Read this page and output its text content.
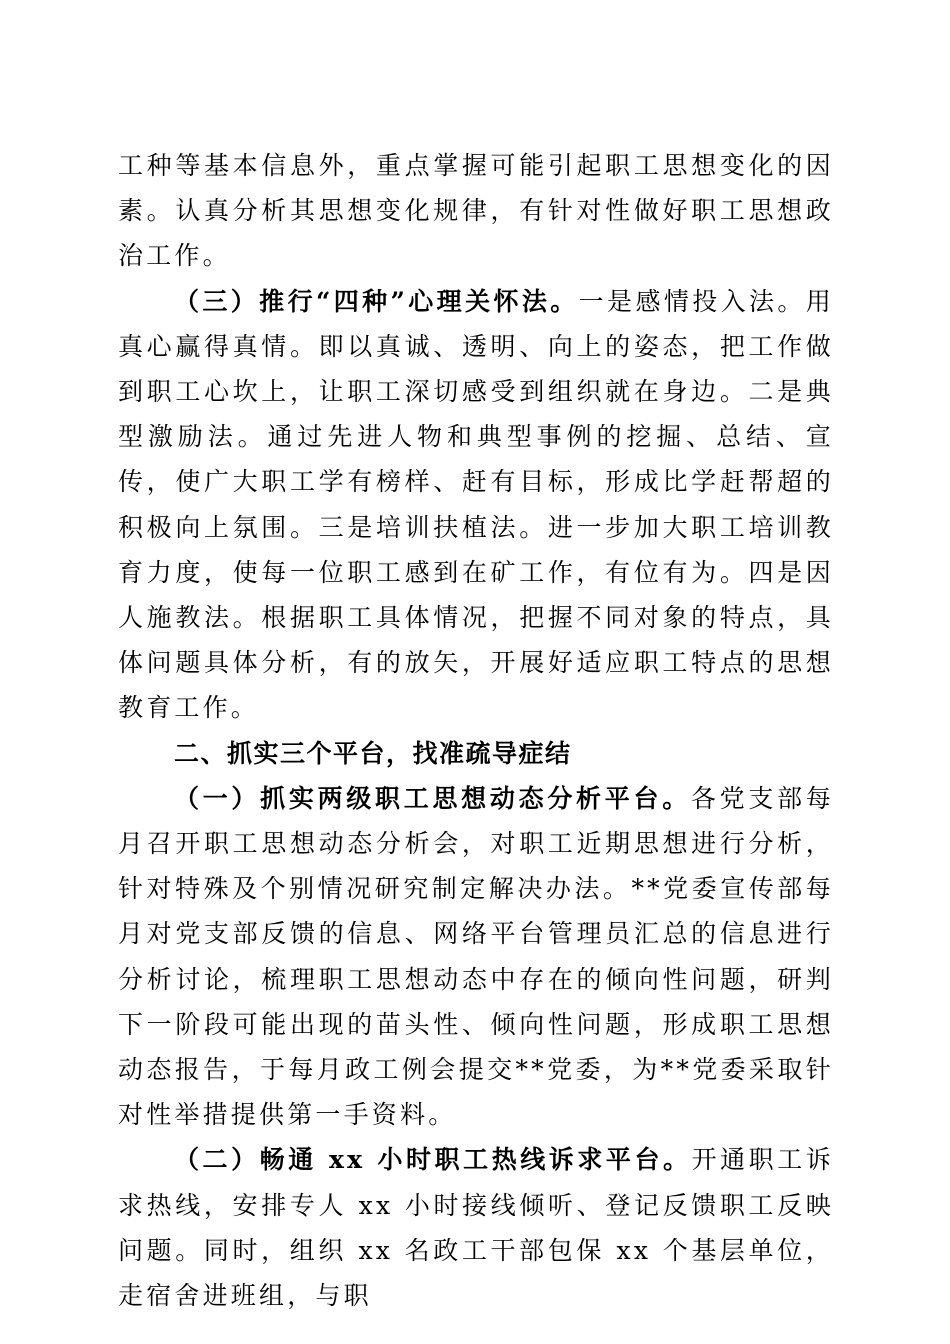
工种等基本信息外，重点掌握可能引起职工思想变化的因素。认真分析其思想变化规律，有针对性做好职工思想政治工作。

（三）推行“四种”心理关怀法。一是感情投入法。用真心赢得真情。即以真诚、透明、向上的姿态，把工作做到职工心坎上，让职工深切感受到组织就在身边。二是典型激励法。通过先进人物和典型事例的挖掘、总结、宣传，使广大职工学有榜样、赶有目标，形成比学赶帮超的积极向上氛围。三是培训扶植法。进一步加大职工培训教育力度，使每一位职工感到在矿工作，有位有为。四是因人施教法。根据职工具体情况，把握不同对象的特点，具体问题具体分析，有的放矢，开展好适应职工特点的思想教育工作。

二、抓实三个平台，找准疏导症结

（一）抓实两级职工思想动态分析平台。各党支部每月召开职工思想动态分析会，对职工近期思想进行分析，针对特殊及个别情况研究制定解决办法。**党委宣传部每月对党支部反馈的信息、网络平台管理员汇总的信息进行分析讨论，梳理职工思想动态中存在的倾向性问题，研判下一阶段可能出现的苗头性、倾向性问题，形成职工思想动态报告，于每月政工例会提交**党委，为**党委采取针对性举措提供第一手资料。

（二）畅通 xx 小时职工热线诉求平台。开通职工诉求热线，安排专人 xx 小时接线倾听、登记反馈职工反映问题。同时，组织 xx 名政工干部包保 xx 个基层单位，走宿舍进班组，与职
